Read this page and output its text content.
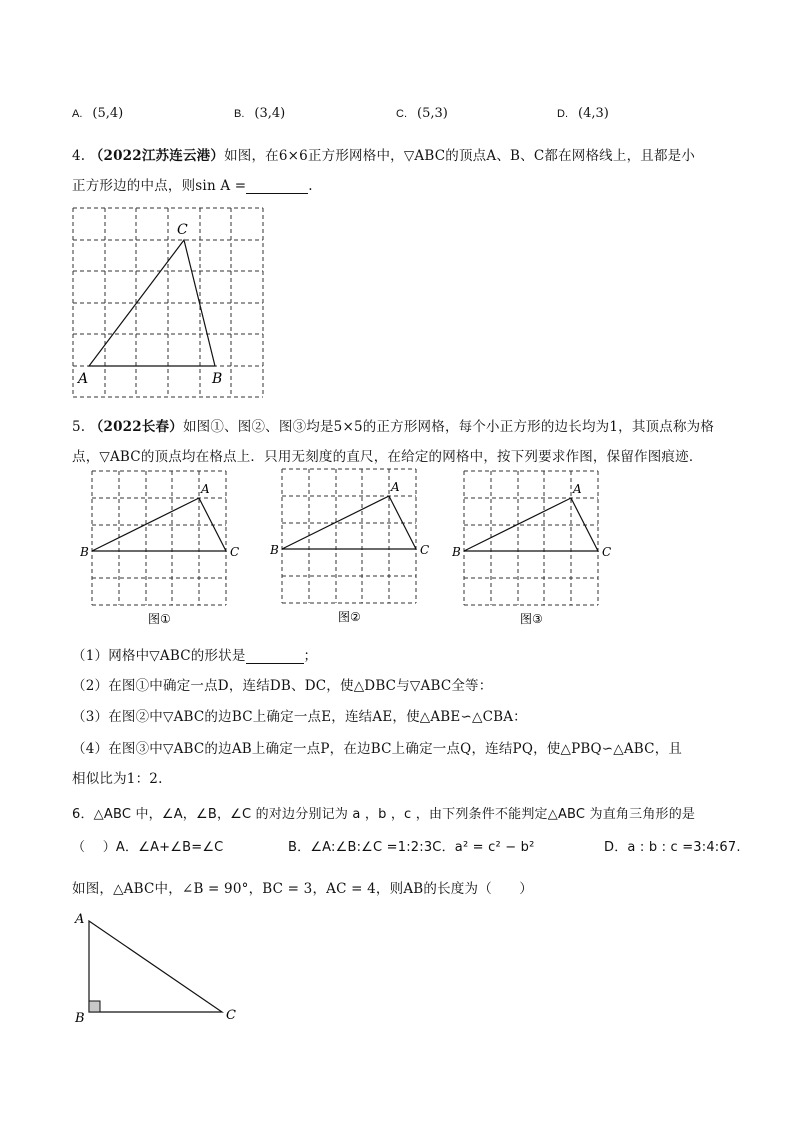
A. (5,4)	B. (3,4)	C. (5,3)	D. (4,3)
4. （2022江苏连云港）如图，在6×6正方形网格中，▽ABC的顶点A、B、C都在网格线上，且都是小
正方形边的中点，则sin A =	.
C
A	B
5. （2022长春）如图①、图②、图③均是5×5的正方形网格，每个小正方形的边长均为1，其顶点称为格
点，▽ABC的顶点均在格点上．只用无刻度的直尺，在给定的网格中，按下列要求作图，保留作图痕迹．
A
B	C
图①
A
B	C
图②
A
B	C
图③
（1）网格中▽ABC的形状是	；
（2）在图①中确定一点D，连结DB、DC，使△DBC与▽ABC全等：
（3）在图②中▽ABC的边BC上确定一点E，连结AE，使△ABE∽△CBA：
（4）在图③中▽ABC的边AB上确定一点P，在边BC上确定一点Q，连结PQ，使△PBQ∽△ABC，且
相似比为1：2.
6．△ABC 中，∠A，∠B，∠C 的对边分别记为 a ，b ，c ，由下列条件不能判定△ABC 为直角三角形的是
（　 ）A．∠A+∠B=∠C	B．∠A:∠B:∠C =1:2:3C．a² = c² − b²	D．a : b : c =3:4:67.
如图，△ABC中，∠B = 90°，BC = 3，AC = 4，则AB的长度为（　　）
A
B	C
